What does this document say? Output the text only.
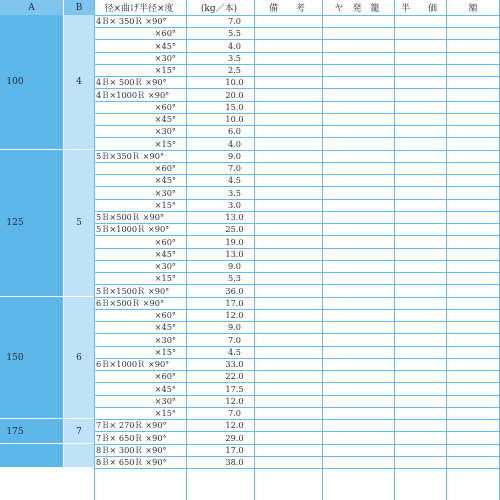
A	B	径×曲げ半径×度	(kg／本)	備　　考	ヤ　発　籠	半　　価	額
100	4
4Ｂ× 350Ｒ ×90°	7.0
×60°	5.5
×45°	4.0
×30°	3.5
×15°	2.5
4Ｂ× 500Ｒ ×90°	10.0
4Ｂ×1000Ｒ ×90°	20.0
×60°	15.0
×45°	10.0
×30°	6.0
×15°	4.0
125	5
5Ｂ×350Ｒ ×90°	9.0
×60°	7.0
×45°	4.5
×30°	3.5
×15°	3.0
5Ｂ×500Ｒ ×90°	13.0
5Ｂ×1000Ｒ ×90°	25.0
×60°	19.0
×45°	13.0
×30°	9.0
×15°	5.3
5Ｂ×1500Ｒ ×90°	36.0
150	6
6Ｂ×500Ｒ ×90°	17.0
×60°	12.0
×45°	9.0
×30°	7.0
×15°	4.5
6Ｂ×1000Ｒ ×90°	33.0
×60°	22.0
×45°	17.5
×30°	12.0
×15°	7.0
175	7
7Ｂ× 270Ｒ ×90°	12.0
7Ｂ× 650Ｒ ×90°	29.0
8Ｂ× 300Ｒ ×90°	17.0
8Ｂ× 650Ｒ ×90°	38.0
